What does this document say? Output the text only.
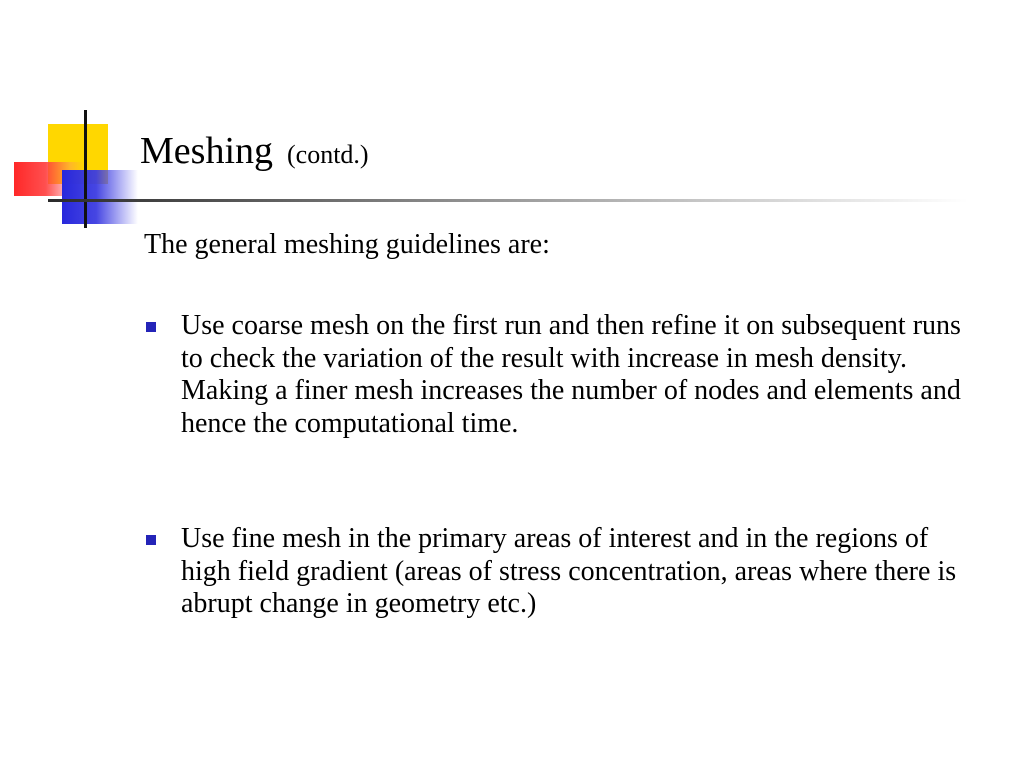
Meshing (contd.)
The general meshing guidelines are:
Use coarse mesh on the first run and then refine it on subsequent runs to check the variation of the result with increase in mesh density. Making a finer mesh increases the number of nodes and elements and hence the computational time.
Use fine mesh in the primary areas of interest and in the regions of high field gradient (areas of stress concentration, areas where there is abrupt change in geometry etc.)
